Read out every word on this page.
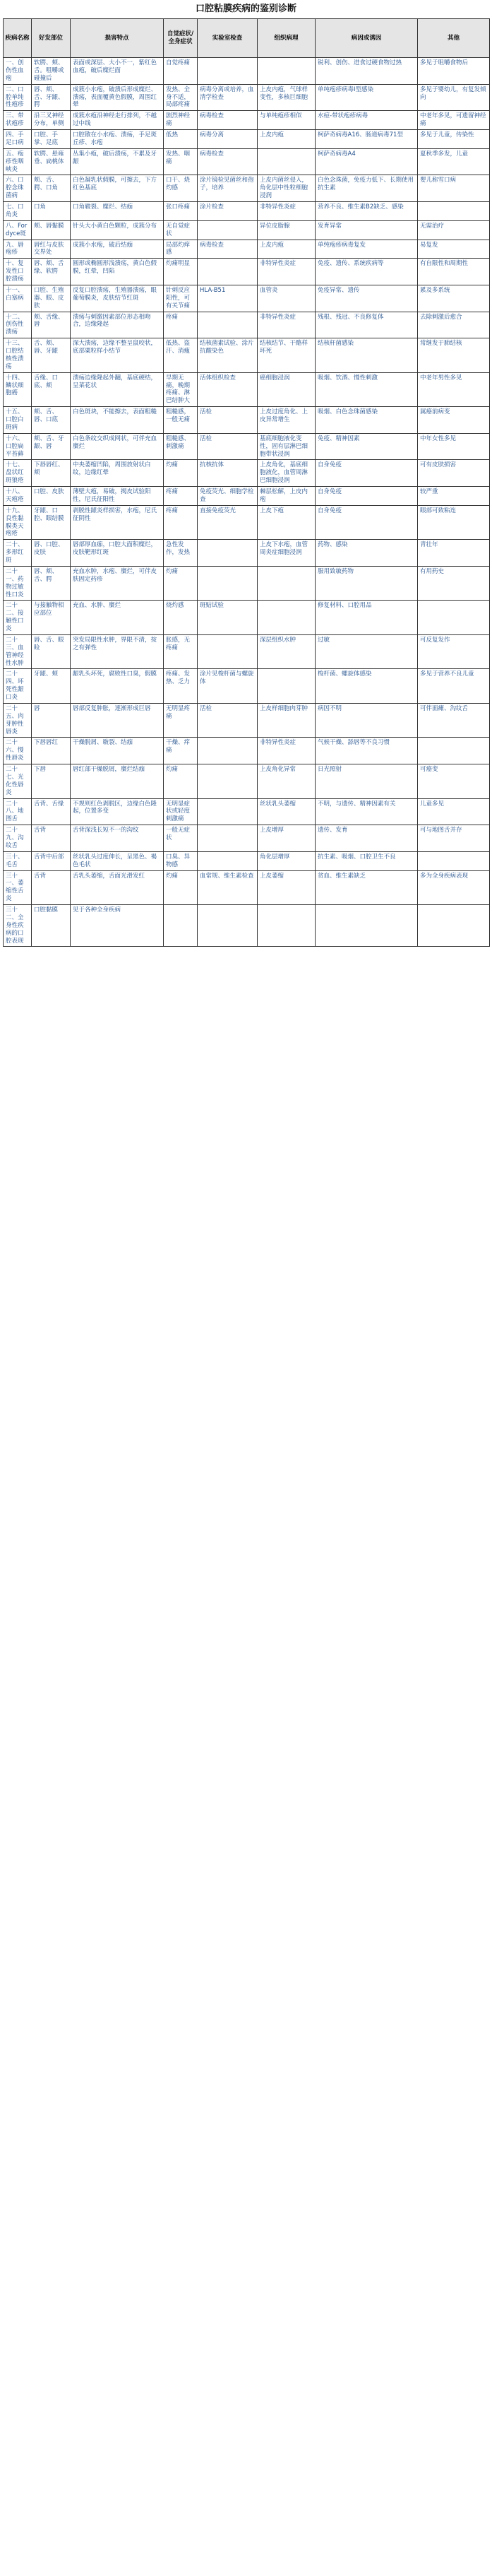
口腔粘膜疾病的鉴别诊断
疾病名称	好发部位	损害特点	自觉症状/全身症状	实验室检查	组织病理	病因或诱因	其他
一、创伤性血疱	软腭、颊、舌。咀嚼或碰撞后	表面或深层、大小不一，紫红色血疱，破后糜烂面	自觉疼痛			锐利、创伤、进食过硬食物过热	多见于咀嚼食物后
二、口腔单纯性疱疹	唇、颊、舌、牙龈、腭	成簇小水疱，破溃后形成糜烂、溃疡，表面覆黄色假膜，周围红晕	发热、全身不适，局部疼痛	病毒分离或培养，血清学检查	上皮内疱，气球样变性，多核巨细胞	单纯疱疹病毒I型感染	多见于婴幼儿，有复发倾向
三、带状疱疹	沿三叉神经分布，单侧	成簇水疱沿神经走行排列，不越过中线	剧烈神经痛	病毒检查	与单纯疱疹相似	水痘-带状疱疹病毒	中老年多见，可遗留神经痛
四、手足口病	口腔、手掌、足底	口腔散在小水疱、溃疡，手足斑丘疹、水疱	低热	病毒分离	上皮内疱	柯萨奇病毒A16、肠道病毒71型	多见于儿童，传染性
五、疱疹性咽峡炎	软腭、悬雍垂、扁桃体	丛集小疱，破后溃疡，不累及牙龈	发热、咽痛	病毒检查		柯萨奇病毒A4	夏秋季多发，儿童
六、口腔念珠菌病	颊、舌、腭、口角	白色凝乳状假膜，可擦去，下方红色基底	口干、烧灼感	涂片镜检见菌丝和孢子，培养	上皮内菌丝侵入，角化层中性粒细胞浸润	白色念珠菌，免疫力低下、长期使用抗生素	婴儿称雪口病
七、口角炎	口角	口角皲裂、糜烂、结痂	张口疼痛	涂片检查	非特异性炎症	营养不良、维生素B2缺乏、感染	
八、Fordyce斑	颊、唇黏膜	针头大小黄白色颗粒，成簇分布	无自觉症状		异位皮脂腺	发育异常	无需治疗
九、唇疱疹	唇红与皮肤交界处	成簇小水疱，破后结痂	局部灼痒感	病毒检查	上皮内疱	单纯疱疹病毒复发	易复发
十、复发性口腔溃疡	唇、颊、舌缘、软腭	圆形或椭圆形浅溃疡，黄白色假膜，红晕，凹陷	灼痛明显		非特异性炎症	免疫、遗传、系统疾病等	有自限性和周期性
十一、白塞病	口腔、生殖器、眼、皮肤	反复口腔溃疡，生殖器溃疡，眼葡萄膜炎，皮肤结节红斑	针刺反应阳性，可有关节痛	HLA-B51	血管炎	免疫异常、遗传	累及多系统
十二、创伤性溃疡	颊、舌缘、唇	溃疡与刺激因素部位形态相吻合，边缘隆起	疼痛		非特异性炎症	残根、残冠、不良修复体	去除刺激后愈合
十三、口腔结核性溃疡	舌、颊、唇、牙龈	深大溃疡，边缘不整呈鼠咬状，底部粟粒样小结节	低热、盗汗、消瘦	结核菌素试验、涂片抗酸染色	结核结节、干酪样坏死	结核杆菌感染	常继发于肺结核
十四、鳞状细胞癌	舌缘、口底、颊	溃疡边缘隆起外翻，基底硬结，呈菜花状	早期无痛，晚期疼痛、淋巴结肿大	活体组织检查	癌细胞浸润	吸烟、饮酒、慢性刺激	中老年男性多见
十五、口腔白斑病	颊、舌、唇、口底	白色斑块，不能擦去，表面粗糙	粗糙感，一般无痛	活检	上皮过度角化、上皮异常增生	吸烟、白色念珠菌感染	属癌前病变
十六、口腔扁平苔藓	颊、舌、牙龈、唇	白色条纹交织成网状，可伴充血糜烂	粗糙感、刺激痛	活检	基底细胞液化变性，固有层淋巴细胞带状浸润	免疫、精神因素	中年女性多见
十七、盘状红斑狼疮	下唇唇红、颊	中央萎缩凹陷，周围放射状白纹，边缘红晕	灼痛	抗核抗体	上皮角化，基底细胞液化，血管周淋巴细胞浸润	自身免疫	可有皮肤损害
十八、天疱疮	口腔、皮肤	薄壁大疱，易破，揭皮试验阳性，尼氏征阳性	疼痛	免疫荧光、细胞学检查	棘层松解，上皮内疱	自身免疫	较严重
十九、良性黏膜类天疱疮	牙龈、口腔、眼结膜	剥脱性龈炎样损害，水疱，尼氏征阴性	疼痛	直接免疫荧光	上皮下疱	自身免疫	眼部可致粘连
二十、多形红斑	唇、口腔、皮肤	唇部厚血痂，口腔大面积糜烂，皮肤靶形红斑	急性发作，发热		上皮下水疱，血管周炎症细胞浸润	药物、感染	青壮年
二十一、药物过敏性口炎	唇、颊、舌、腭	充血水肿，水疱、糜烂，可伴皮肤固定药疹	灼痛			服用致敏药物	有用药史
二十二、接触性口炎	与接触物相应部位	充血、水肿、糜烂	烧灼感	斑贴试验		修复材料、口腔用品	
二十三、血管神经性水肿	唇、舌、眼睑	突发局限性水肿，界限不清，按之有弹性	胀感，无疼痛		深层组织水肿	过敏	可反复发作
二十四、坏死性龈口炎	牙龈、颊	龈乳头坏死，腐败性口臭，假膜	疼痛、发热、乏力	涂片见梭杆菌与螺旋体		梭杆菌、螺旋体感染	多见于营养不良儿童
二十五、肉芽肿性唇炎	唇	唇部反复肿胀，逐渐形成巨唇	无明显疼痛	活检	上皮样细胞肉芽肿	病因不明	可伴面瘫、沟纹舌
二十六、慢性唇炎	下唇唇红	干燥脱屑、皲裂、结痂	干燥、痒痛		非特异性炎症	气候干燥、舔唇等不良习惯	
二十七、光化性唇炎	下唇	唇红部干燥脱屑，糜烂结痂	灼痛		上皮角化异常	日光照射	可癌变
二十八、地图舌	舌背、舌缘	不规则红色剥脱区，边缘白色隆起，位置多变	无明显症状或轻度刺激痛		丝状乳头萎缩	不明，与遗传、精神因素有关	儿童多见
二十九、沟纹舌	舌背	舌背深浅长短不一的沟纹	一般无症状		上皮增厚	遗传、发育	可与地图舌并存
三十、毛舌	舌背中后部	丝状乳头过度伸长，呈黑色、褐色毛状	口臭、异物感		角化层增厚	抗生素、吸烟、口腔卫生不良	
三十一、萎缩性舌炎	舌背	舌乳头萎缩，舌面光滑发红	灼痛	血常规、维生素检查	上皮萎缩	贫血、维生素缺乏	多为全身疾病表现
三十二、全身性疾病的口腔表现	口腔黏膜	见于各种全身疾病					
